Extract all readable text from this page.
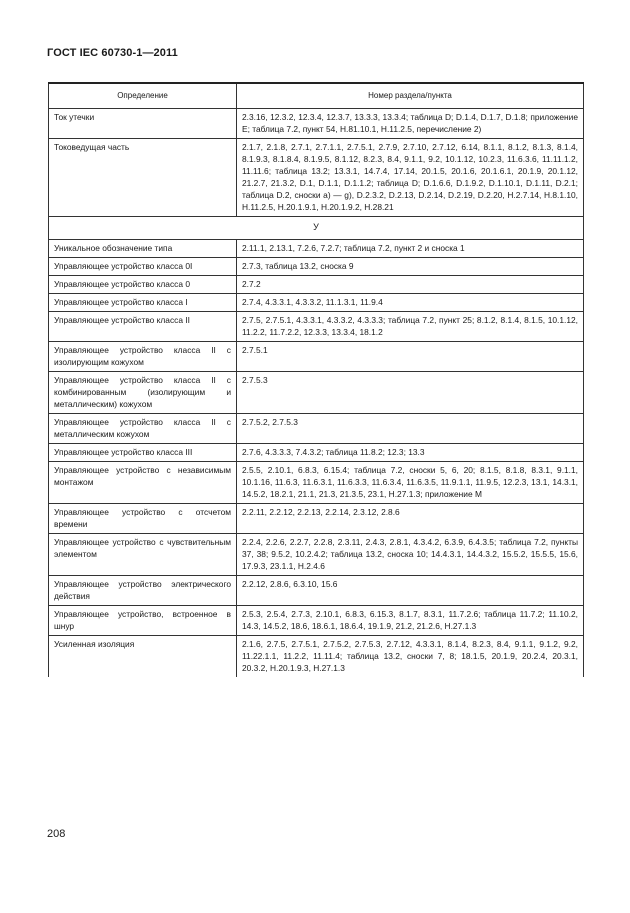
ГОСТ IEC 60730-1—2011
Определение	Номер раздела/пункта
Ток утечки	2.3.16, 12.3.2, 12.3.4, 12.3.7, 13.3.3, 13.3.4; таблица D; D.1.4, D.1.7, D.1.8; приложение E; таблица 7.2, пункт 54, H.81.10.1, H.11.2.5, перечисление 2)
Токоведущая часть	2.1.7, 2.1.8, 2.7.1, 2.7.1.1, 2.7.5.1, 2.7.9, 2.7.10, 2.7.12, 6.14, 8.1.1, 8.1.2, 8.1.3, 8.1.4, 8.1.9.3, 8.1.8.4, 8.1.9.5, 8.1.12, 8.2.3, 8.4, 9.1.1, 9.2, 10.1.12, 10.2.3, 11.6.3.6, 11.11.1.2, 11.11.6; таблица 13.2; 13.3.1, 14.7.4, 17.14, 20.1.5, 20.1.6, 20.1.6.1, 20.1.9, 20.1.12, 21.2.7, 21.3.2, D.1, D.1.1, D.1.1.2; таблица D; D.1.6.6, D.1.9.2, D.1.10.1, D.1.11, D.2.1; таблица D.2, сноски а) — g), D.2.3.2, D.2.13, D.2.14, D.2.19, D.2.20, H.2.7.14, H.8.1.10, H.11.2.5, H.20.1.9.1, H.20.1.9.2, H.28.21
У	
Уникальное обозначение типа	2.11.1, 2.13.1, 7.2.6, 7.2.7; таблица 7.2, пункт 2 и сноска 1
Управляющее устройство класса 0I	2.7.3, таблица 13.2, сноска 9
Управляющее устройство класса 0	2.7.2
Управляющее устройство класса I	2.7.4, 4.3.3.1, 4.3.3.2, 11.1.3.1, 11.9.4
Управляющее устройство класса II	2.7.5, 2.7.5.1, 4.3.3.1, 4.3.3.2, 4.3.3.3; таблица 7.2, пункт 25; 8.1.2, 8.1.4, 8.1.5, 10.1.12, 11.2.2, 11.7.2.2, 12.3.3, 13.3.4, 18.1.2
Управляющее устройство класса II с изолирующим кожухом	2.7.5.1
Управляющее устройство класса II с комбинированным (изолирующим и металлическим) кожухом	2.7.5.3
Управляющее устройство класса II с металлическим кожухом	2.7.5.2, 2.7.5.3
Управляющее устройство класса III	2.7.6, 4.3.3.3, 7.4.3.2; таблица 11.8.2; 12.3; 13.3
Управляющее устройство с независимым монтажом	2.5.5, 2.10.1, 6.8.3, 6.15.4; таблица 7.2, сноски 5, 6, 20; 8.1.5, 8.1.8, 8.3.1, 9.1.1, 10.1.16, 11.6.3, 11.6.3.1, 11.6.3.3, 11.6.3.4, 11.6.3.5, 11.9.1.1, 11.9.5, 12.2.3, 13.1, 14.3.1, 14.5.2, 18.2.1, 21.1, 21.3, 21.3.5, 23.1, H.27.1.3; приложение M
Управляющее устройство с отсчетом времени	2.2.11, 2.2.12, 2.2.13, 2.2.14, 2.3.12, 2.8.6
Управляющее устройство с чувствительным элементом	2.2.4, 2.2.6, 2.2.7, 2.2.8, 2.3.11, 2.4.3, 2.8.1, 4.3.4.2, 6.3.9, 6.4.3.5; таблица 7.2, пункты 37, 38; 9.5.2, 10.2.4.2; таблица 13.2, сноска 10; 14.4.3.1, 14.4.3.2, 15.5.2, 15.5.5, 15.6, 17.9.3, 23.1.1, H.2.4.6
Управляющее устройство электрического действия	2.2.12, 2.8.6, 6.3.10, 15.6
Управляющее устройство, встроенное в шнур	2.5.3, 2.5.4, 2.7.3, 2.10.1, 6.8.3, 6.15.3, 8.1.7, 8.3.1, 11.7.2.6; таблица 11.7.2; 11.10.2, 14.3, 14.5.2, 18.6, 18.6.1, 18.6.4, 19.1.9, 21.2, 21.2.6, H.27.1.3
Усиленная изоляция	2.1.6, 2.7.5, 2.7.5.1, 2.7.5.2, 2.7.5.3, 2.7.12, 4.3.3.1, 8.1.4, 8.2.3, 8.4, 9.1.1, 9.1.2, 9.2, 11.22.1.1, 11.2.2, 11.11.4; таблица 13.2, сноски 7, 8; 18.1.5, 20.1.9, 20.2.4, 20.3.1, 20.3.2, H.20.1.9.3, H.27.1.3
208
